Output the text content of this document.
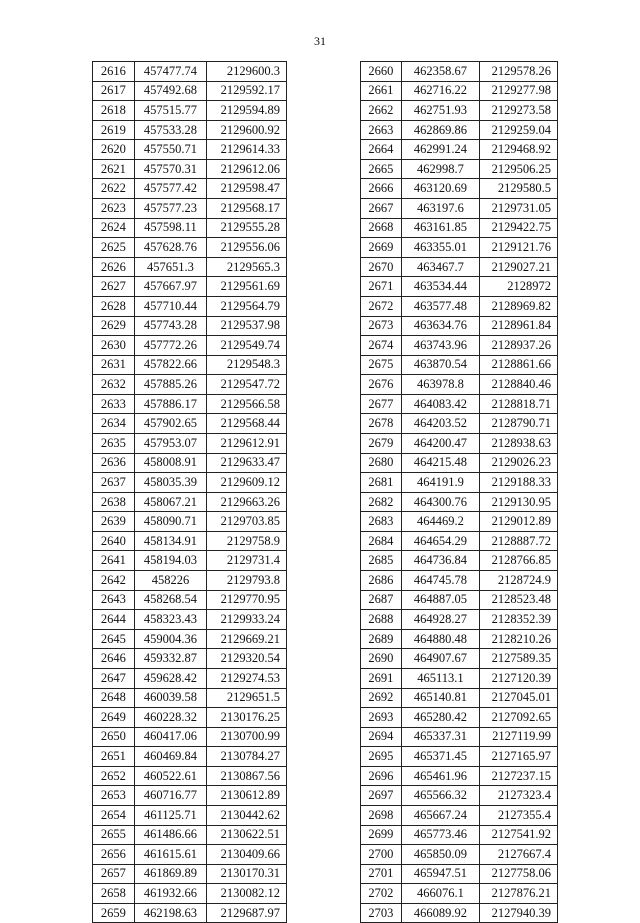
31
2616	457477.74	2129600.3
2617	457492.68	2129592.17
2618	457515.77	2129594.89
2619	457533.28	2129600.92
2620	457550.71	2129614.33
2621	457570.31	2129612.06
2622	457577.42	2129598.47
2623	457577.23	2129568.17
2624	457598.11	2129555.28
2625	457628.76	2129556.06
2626	457651.3	2129565.3
2627	457667.97	2129561.69
2628	457710.44	2129564.79
2629	457743.28	2129537.98
2630	457772.26	2129549.74
2631	457822.66	2129548.3
2632	457885.26	2129547.72
2633	457886.17	2129566.58
2634	457902.65	2129568.44
2635	457953.07	2129612.91
2636	458008.91	2129633.47
2637	458035.39	2129609.12
2638	458067.21	2129663.26
2639	458090.71	2129703.85
2640	458134.91	2129758.9
2641	458194.03	2129731.4
2642	458226	2129793.8
2643	458268.54	2129770.95
2644	458323.43	2129933.24
2645	459004.36	2129669.21
2646	459332.87	2129320.54
2647	459628.42	2129274.53
2648	460039.58	2129651.5
2649	460228.32	2130176.25
2650	460417.06	2130700.99
2651	460469.84	2130784.27
2652	460522.61	2130867.56
2653	460716.77	2130612.89
2654	461125.71	2130442.62
2655	461486.66	2130622.51
2656	461615.61	2130409.66
2657	461869.89	2130170.31
2658	461932.66	2130082.12
2659	462198.63	2129687.97
2660	462358.67	2129578.26
2661	462716.22	2129277.98
2662	462751.93	2129273.58
2663	462869.86	2129259.04
2664	462991.24	2129468.92
2665	462998.7	2129506.25
2666	463120.69	2129580.5
2667	463197.6	2129731.05
2668	463161.85	2129422.75
2669	463355.01	2129121.76
2670	463467.7	2129027.21
2671	463534.44	2128972
2672	463577.48	2128969.82
2673	463634.76	2128961.84
2674	463743.96	2128937.26
2675	463870.54	2128861.66
2676	463978.8	2128840.46
2677	464083.42	2128818.71
2678	464203.52	2128790.71
2679	464200.47	2128938.63
2680	464215.48	2129026.23
2681	464191.9	2129188.33
2682	464300.76	2129130.95
2683	464469.2	2129012.89
2684	464654.29	2128887.72
2685	464736.84	2128766.85
2686	464745.78	2128724.9
2687	464887.05	2128523.48
2688	464928.27	2128352.39
2689	464880.48	2128210.26
2690	464907.67	2127589.35
2691	465113.1	2127120.39
2692	465140.81	2127045.01
2693	465280.42	2127092.65
2694	465337.31	2127119.99
2695	465371.45	2127165.97
2696	465461.96	2127237.15
2697	465566.32	2127323.4
2698	465667.24	2127355.4
2699	465773.46	2127541.92
2700	465850.09	2127667.4
2701	465947.51	2127758.06
2702	466076.1	2127876.21
2703	466089.92	2127940.39
